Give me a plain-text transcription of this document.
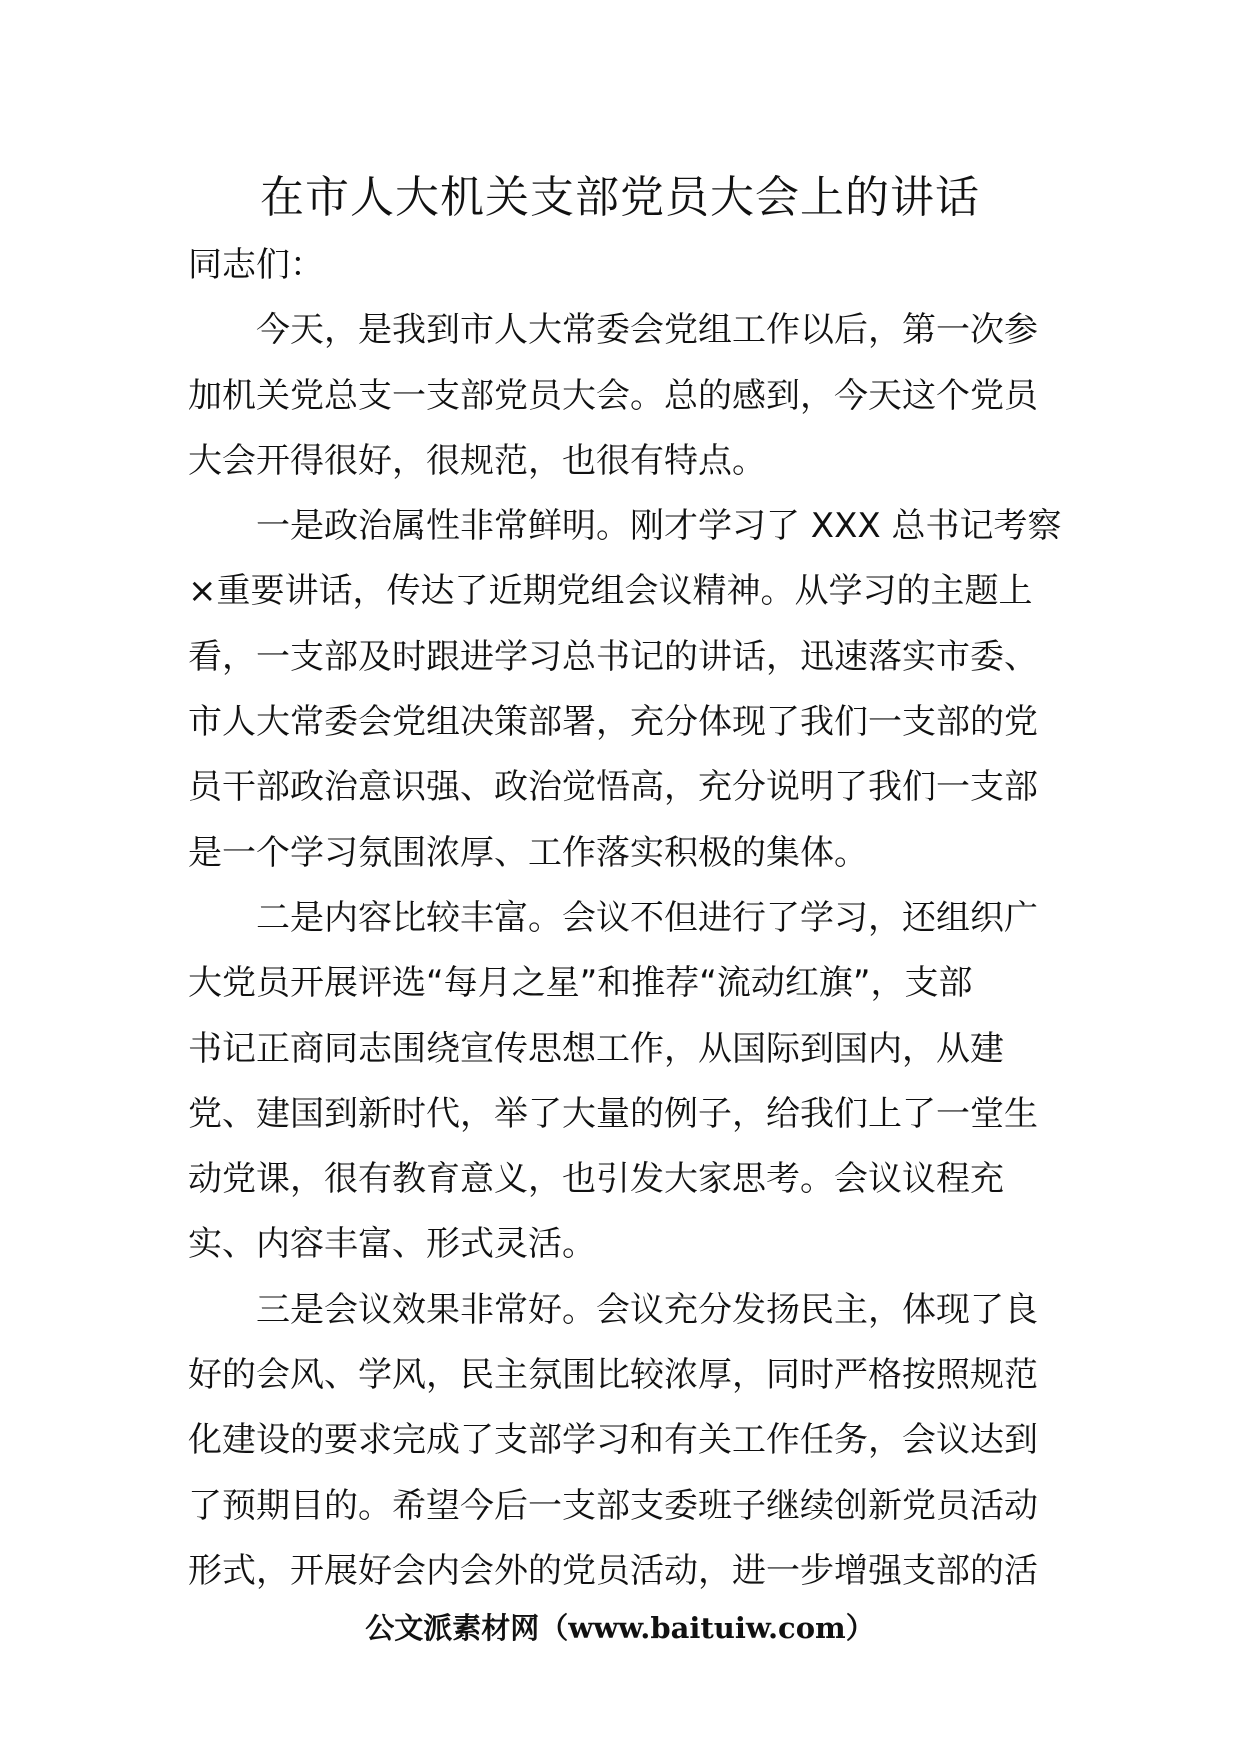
在市人大机关支部党员大会上的讲话

同志们：

今天，是我到市人大常委会党组工作以后，第一次参
加机关党总支一支部党员大会。总的感到，今天这个党员
大会开得很好，很规范，也很有特点。

一是政治属性非常鲜明。刚才学习了 XXX 总书记考察
×重要讲话，传达了近期党组会议精神。从学习的主题上
看，一支部及时跟进学习总书记的讲话，迅速落实市委、
市人大常委会党组决策部署，充分体现了我们一支部的党
员干部政治意识强、政治觉悟高，充分说明了我们一支部
是一个学习氛围浓厚、工作落实积极的集体。

二是内容比较丰富。会议不但进行了学习，还组织广
大党员开展评选“每月之星”和推荐“流动红旗”，支部
书记正商同志围绕宣传思想工作，从国际到国内，从建
党、建国到新时代，举了大量的例子，给我们上了一堂生
动党课，很有教育意义，也引发大家思考。会议议程充
实、内容丰富、形式灵活。

三是会议效果非常好。会议充分发扬民主，体现了良
好的会风、学风，民主氛围比较浓厚，同时严格按照规范
化建设的要求完成了支部学习和有关工作任务，会议达到
了预期目的。希望今后一支部支委班子继续创新党员活动
形式，开展好会内会外的党员活动，进一步增强支部的活

公文派素材网（www.baituiw.com）
